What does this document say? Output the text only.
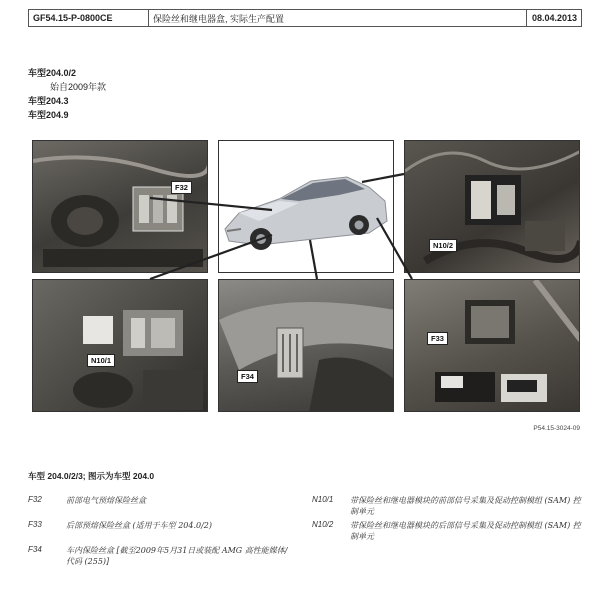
GF54.15-P-0800CE	保险丝和继电器盒, 实际生产配置	08.04.2013
车型204.0/2
始自2009年款
车型204.3
车型204.9
F32
N10/2
N10/1
F34
F33
P54.15-3024-09
车型 204.0/2/3; 图示为车型 204.0
F32	前部电气预熔保险丝盒
F33	后部预熔保险丝盒 (适用于车型 204.0/2)
F34	车内保险丝盒 [截至2009年5月31日或装配 AMG 高性能媒体/代码 (255)]
N10/1	带保险丝和继电器模块的前部信号采集及促动控制模组 (SAM) 控制单元
N10/2	带保险丝和继电器模块的后部信号采集及促动控制模组 (SAM) 控制单元
